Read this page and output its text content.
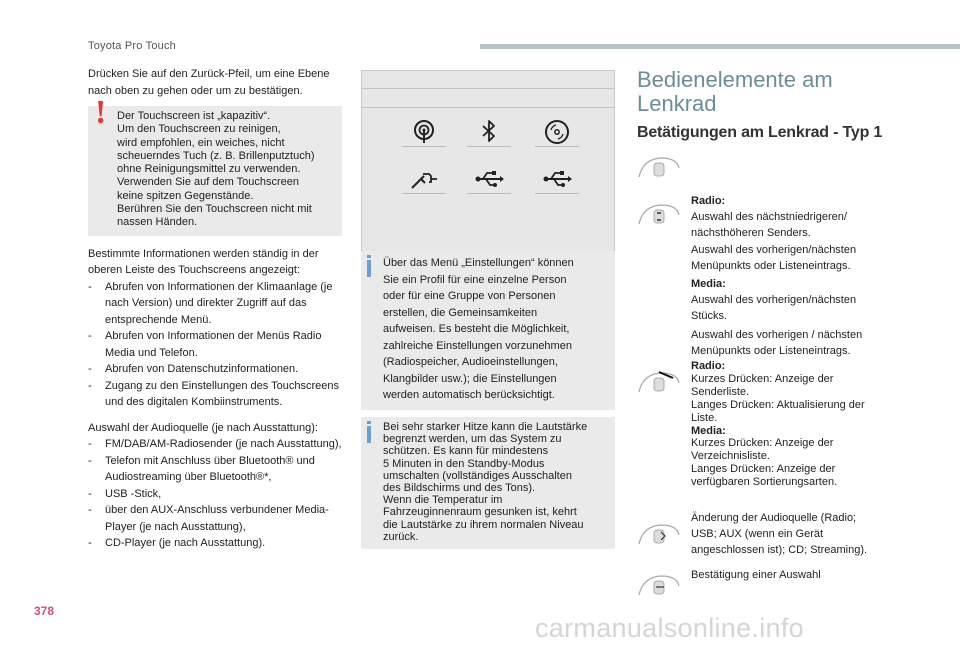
Toyota Pro Touch
378
carmanualsonline.info

Drücken Sie auf den Zurück-Pfeil, um eine Ebene nach oben zu gehen oder um zu bestätigen.

! Der Touchscreen ist „kapazitiv“.
Um den Touchscreen zu reinigen,
wird empfohlen, ein weiches, nicht
scheuerndes Tuch (z. B. Brillenputztuch)
ohne Reinigungsmittel zu verwenden.
Verwenden Sie auf dem Touchscreen
keine spitzen Gegenstände.
Berühren Sie den Touchscreen nicht mit
nassen Händen.

Bestimmte Informationen werden ständig in der oberen Leiste des Touchscreens angezeigt:

- Abrufen von Informationen der Klimaanlage (je nach Version) und direkter Zugriff auf das entsprechende Menü.
- Abrufen von Informationen der Menüs Radio Media und Telefon.
- Abrufen von Datenschutzinformationen.
- Zugang zu den Einstellungen des Touchscreens und des digitalen Kombiinstruments.

Auswahl der Audioquelle (je nach Ausstattung):

- FM/DAB/AM-Radiosender (je nach Ausstattung),
- Telefon mit Anschluss über Bluetooth® und Audiostreaming über Bluetooth®*,
- USB -Stick,
- über den AUX-Anschluss verbundener Media-Player (je nach Ausstattung),
- CD-Player (je nach Ausstattung).
Über das Menü „Einstellungen“ können
Sie ein Profil für eine einzelne Person
oder für eine Gruppe von Personen
erstellen, die Gemeinsamkeiten
aufweisen. Es besteht die Möglichkeit,
zahlreiche Einstellungen vorzunehmen
(Radiospeicher, Audioeinstellungen,
Klangbilder usw.); die Einstellungen
werden automatisch berücksichtigt.
Bei sehr starker Hitze kann die Lautstärke
begrenzt werden, um das System zu
schützen. Es kann für mindestens
5 Minuten in den Standby-Modus
umschalten (vollständiges Ausschalten
des Bildschirms und des Tons).
Wenn die Temperatur im
Fahrzeuginnenraum gesunken ist, kehrt
die Lautstärke zu ihrem normalen Niveau
zurück.
Bedienelemente am
Lenkrad
Betätigungen am Lenkrad - Typ 1
Radio:
Auswahl des nächstniedrigeren/
nächsthöheren Senders.
Auswahl des vorherigen/nächsten
Menüpunkts oder Listeneintrags.
Media:
Auswahl des vorherigen/nächsten
Stücks.
Auswahl des vorherigen / nächsten
Menüpunkts oder Listeneintrags.
Radio:
Kurzes Drücken: Anzeige der
Senderliste.
Langes Drücken: Aktualisierung der
Liste.
Media:
Kurzes Drücken: Anzeige der
Verzeichnisliste.
Langes Drücken: Anzeige der
verfügbaren Sortierungsarten.
Änderung der Audioquelle (Radio;
USB; AUX (wenn ein Gerät
angeschlossen ist); CD; Streaming).
Bestätigung einer Auswahl
